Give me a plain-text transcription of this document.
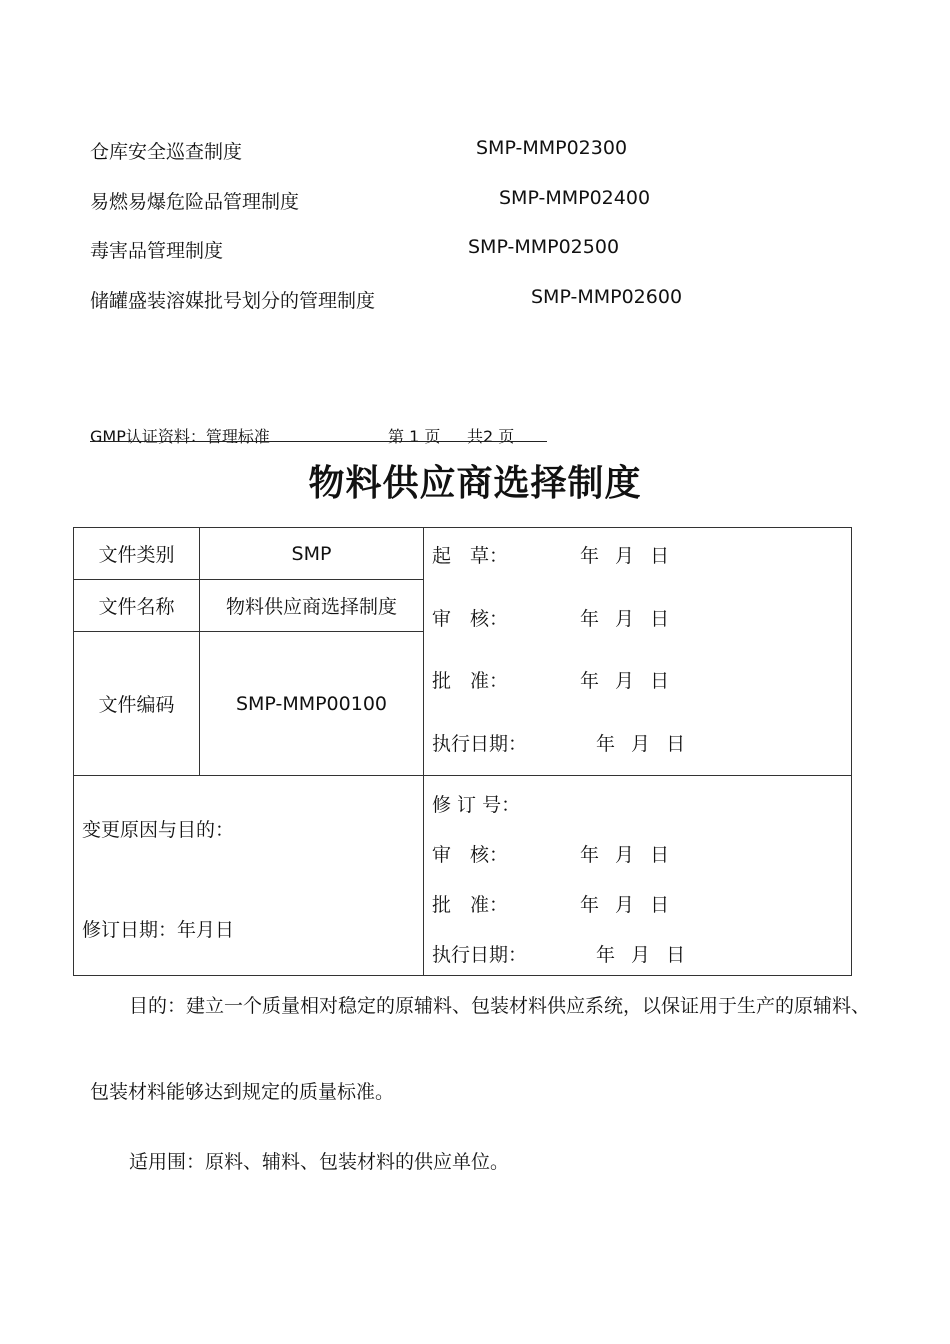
仓库安全巡查制度	SMP-MMP02300
易燃易爆危险品管理制度	SMP-MMP02400
毒害品管理制度	SMP-MMP02500
储罐盛装溶媒批号划分的管理制度	SMP-MMP02600
GMP认证资料：管理标准	第 1 页 共2 页
物料供应商选择制度
文件类别	SMP
文件名称	物料供应商选择制度
文件编码	SMP-MMP00100
起　草：	年 月 日
审　核：	年 月 日
批　准：	年 月 日
执行日期：	年 月 日
变更原因与目的：
修订日期：年月日
修 订 号：
审　核：	年 月 日
批　准：	年 月 日
执行日期：	年 月 日
目的：建立一个质量相对稳定的原辅料、包装材料供应系统，以保证用于生产的原辅料、
包装材料能够达到规定的质量标准。
适用围：原料、辅料、包装材料的供应单位。
